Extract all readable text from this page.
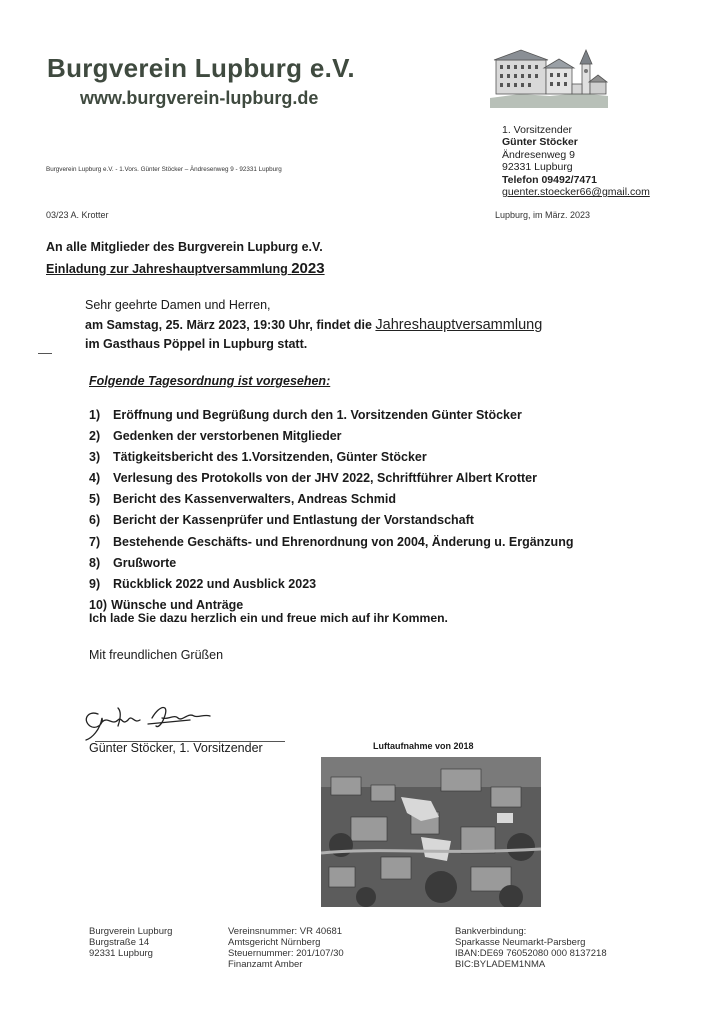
Burgverein Lupburg e.V.
www.burgverein-lupburg.de
1. Vorsitzender
Günter Stöcker
Ändresenweg 9
92331 Lupburg
Telefon 09492/7471
guenter.stoecker66@gmail.com
Burgverein Lupburg e.V. - 1.Vors. Günter Stöcker – Ändresenweg 9 - 92331 Lupburg
03/23 A. Krotter	Lupburg, im März. 2023
An alle Mitglieder des Burgverein Lupburg e.V.
Einladung zur Jahreshauptversammlung 2023
Sehr geehrte Damen und Herren,
am Samstag, 25. März 2023, 19:30 Uhr, findet die Jahreshauptversammlung
im Gasthaus Pöppel in Lupburg statt.
Folgende Tagesordnung ist vorgesehen:
1) Eröffnung und Begrüßung durch den 1. Vorsitzenden Günter Stöcker
2) Gedenken der verstorbenen Mitglieder
3) Tätigkeitsbericht des 1.Vorsitzenden, Günter Stöcker
4) Verlesung des Protokolls von der JHV 2022, Schriftführer Albert Krotter
5) Bericht des Kassenverwalters, Andreas Schmid
6) Bericht der Kassenprüfer und Entlastung der Vorstandschaft
7) Bestehende Geschäfts- und Ehrenordnung von 2004, Änderung u. Ergänzung
8) Grußworte
9) Rückblick 2022 und Ausblick 2023
10) Wünsche und Anträge
Ich lade Sie dazu herzlich ein und freue mich auf ihr Kommen.
Mit freundlichen Grüßen
Günter Stöcker, 1. Vorsitzender	Luftaufnahme von 2018
Burgverein Lupburg
Burgstraße 14
92331 Lupburg
Vereinsnummer: VR 40681
Amtsgericht Nürnberg
Steuernummer: 201/107/30
Finanzamt Amber
Bankverbindung:
Sparkasse Neumarkt-Parsberg
IBAN:DE69 76052080 000 8137218
BIC:BYLADEM1NMA
